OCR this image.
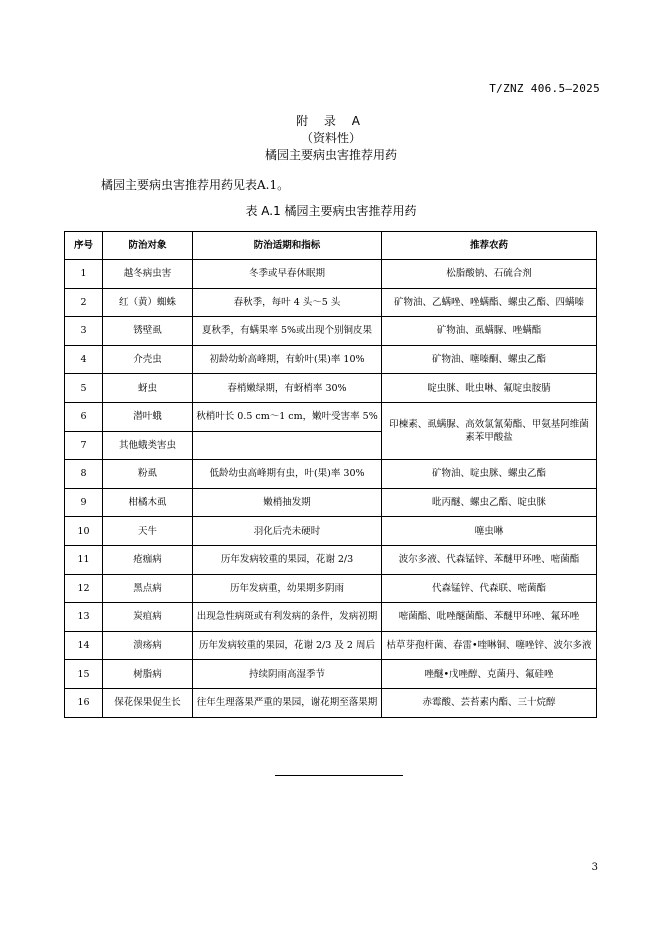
T/ZNZ 406.5—2025
附 录 A
（资料性）
橘园主要病虫害推荐用药
橘园主要病虫害推荐用药见表A.1。
表 A.1 橘园主要病虫害推荐用药
序号	防治对象	防治适期和指标	推荐农药
1	越冬病虫害	冬季或早春休眠期	松脂酸钠、石硫合剂
2	红（黄）蜘蛛	春秋季，每叶 4 头～5 头	矿物油、乙螨唑、唑螨酯、螺虫乙酯、四螨嗪
3	锈壁虱	夏秋季，有螨果率 5%或出现个别铜皮果	矿物油、虱螨脲、唑螨酯
4	介壳虫	初龄幼蚧高峰期，有蚧叶(果)率 10%	矿物油、噻嗪酮、螺虫乙酯
5	蚜虫	春梢嫩绿期，有蚜梢率 30%	啶虫脒、吡虫啉、氟啶虫胺腈
6	潜叶蛾	秋梢叶长 0.5 cm～1 cm，嫩叶受害率 5%	印楝素、虱螨脲、高效氯氰菊酯、甲氨基阿维菌素苯甲酸盐
7	其他蛾类害虫		
8	粉虱	低龄幼虫高峰期有虫，叶(果)率 30%	矿物油、啶虫脒、螺虫乙酯
9	柑橘木虱	嫩梢抽发期	吡丙醚、螺虫乙酯、啶虫脒
10	天牛	羽化后壳未硬时	噻虫啉
11	疮痂病	历年发病较重的果园，花谢 2/3	波尔多液、代森锰锌、苯醚甲环唑、嘧菌酯
12	黑点病	历年发病重，幼果期多阴雨	代森锰锌、代森联、嘧菌酯
13	炭疽病	出现急性病斑或有利发病的条件，发病初期	嘧菌酯、吡唑醚菌酯、苯醚甲环唑、氟环唑
14	溃疡病	历年发病较重的果园，花谢 2/3 及 2 周后	枯草芽孢杆菌、春雷•喹啉铜、噻唑锌、波尔多液
15	树脂病	持续阴雨高湿季节	唑醚•戊唑醇、克菌丹、氟硅唑
16	保花保果促生长	往年生理落果严重的果园，谢花期至落果期	赤霉酸、芸苔素内酯、三十烷醇
3
